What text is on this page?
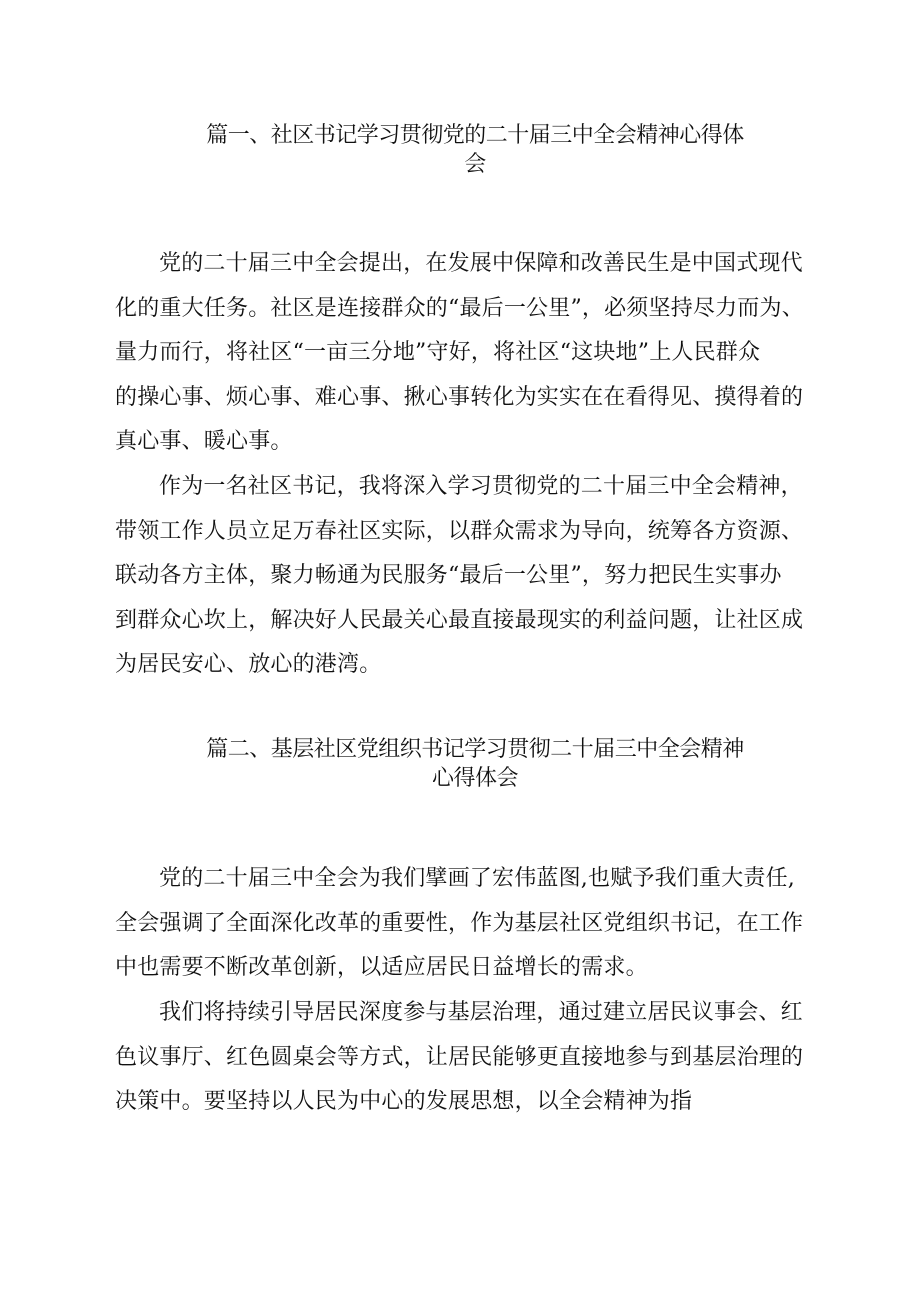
篇一、社区书记学习贯彻党的二十届三中全会精神心得体
会
党的二十届三中全会提出，在发展中保障和改善民生是中国式现代
化的重大任务。社区是连接群众的“最后一公里”，必须坚持尽力而为、
量力而行，将社区“一亩三分地”守好，将社区“这块地”上人民群众
的操心事、烦心事、难心事、揪心事转化为实实在在看得见、摸得着的
真心事、暖心事。
作为一名社区书记，我将深入学习贯彻党的二十届三中全会精神，
带领工作人员立足万春社区实际，以群众需求为导向，统筹各方资源、
联动各方主体，聚力畅通为民服务“最后一公里”，努力把民生实事办
到群众心坎上，解决好人民最关心最直接最现实的利益问题，让社区成
为居民安心、放心的港湾。
篇二、基层社区党组织书记学习贯彻二十届三中全会精神
心得体会
党的二十届三中全会为我们擘画了宏伟蓝图,也赋予我们重大责任,
全会强调了全面深化改革的重要性，作为基层社区党组织书记，在工作
中也需要不断改革创新，以适应居民日益增长的需求。
我们将持续引导居民深度参与基层治理，通过建立居民议事会、红
色议事厅、红色圆桌会等方式，让居民能够更直接地参与到基层治理的
决策中。要坚持以人民为中心的发展思想，以全会精神为指
